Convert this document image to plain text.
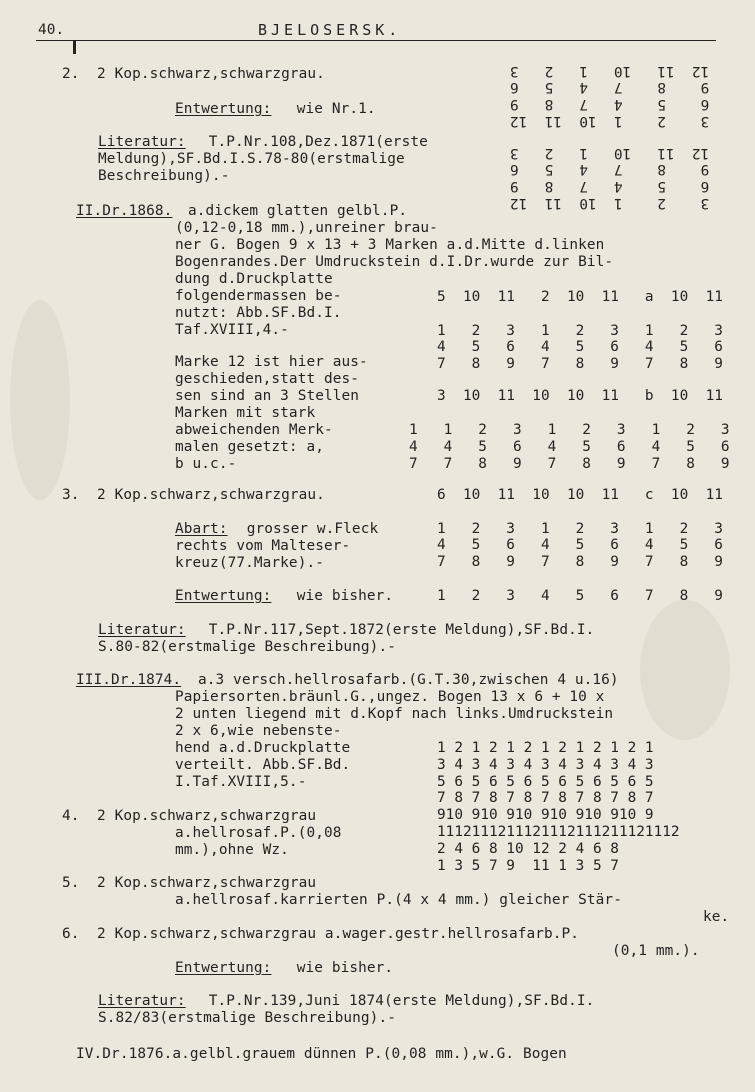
40.	BJELOSERSK.
2.  2 Kop.schwarz,schwarzgrau.
Entwertung: wie Nr.1.
Literatur: T.P.Nr.108,Dez.1871(erste
Meldung),SF.Bd.I.S.78-80(erstmalige
Beschreibung).-
II.Dr.1868. a.dickem glatten gelbl.P.
(0,12-0,18 mm.),unreiner brau-
ner G. Bogen 9 x 13 + 3 Marken a.d.Mitte d.linken
Bogenrandes.Der Umdruckstein d.I.Dr.wurde zur Bil-
dung d.Druckplatte
folgendermassen be-
nutzt: Abb.SF.Bd.I.
Taf.XVIII,4.-
Marke 12 ist hier aus-
geschieden,statt des-
sen sind an 3 Stellen
Marken mit stark
abweichenden Merk-
malen gesetzt: a,
b u.c.-
3.  2 Kop.schwarz,schwarzgrau.
Abart: grosser w.Fleck
rechts vom Malteser-
kreuz(77.Marke).-
Entwertung: wie bisher.
Literatur: T.P.Nr.117,Sept.1872(erste Meldung),SF.Bd.I.
S.80-82(erstmalige Beschreibung).-
III.Dr.1874. a.3 versch.hellrosafarb.(G.T.30,zwischen 4 u.16)
Papiersorten.bräunl.G.,ungez. Bogen 13 x 6 + 10 x
2 unten liegend mit d.Kopf nach links.Umdruckstein
2 x 6,wie nebenste-
hend a.d.Druckplatte
verteilt. Abb.SF.Bd.
I.Taf.XVIII,5.-
4.  2 Kop.schwarz,schwarzgrau
a.hellrosaf.P.(0,08
mm.),ohne Wz.
5.  2 Kop.schwarz,schwarzgrau
a.hellrosaf.karrierten P.(4 x 4 mm.) gleicher Stär-
ke.
6.  2 Kop.schwarz,schwarzgrau a.wager.gestr.hellrosafarb.P.
(0,1 mm.).
Entwertung: wie bisher.
Literatur: T.P.Nr.139,Juni 1874(erste Meldung),SF.Bd.I.
S.82/83(erstmalige Beschreibung).-
IV.Dr.1876.a.gelbl.grauem dünnen P.(0,08 mm.),w.G. Bogen
3    2    1  10  11  12
6    5    4   7   8   9
9    8    7   4   5   6
12  11   10   1   2   3
3    2    1  10  11  12
6    5    4   7   8   9
9    8    7   4   5   6
12  11   10   1   2   3
5  10  11   2  10  11   a  10  11
1   2   3   1   2   3   1   2   3
4   5   6   4   5   6   4   5   6
7   8   9   7   8   9   7   8   9
3  10  11  10  10  11   b  10  11
1   1   2   3   1   2   3   1   2   3
4   4   5   6   4   5   6   4   5   6
7   7   8   9   7   8   9   7   8   9
6  10  11  10  10  11   c  10  11
1   2   3   1   2   3   1   2   3
4   5   6   4   5   6   4   5   6
7   8   9   7   8   9   7   8   9
1   2   3   4   5   6   7   8   9
1 2 1 2 1 2 1 2 1 2 1 2 1
3 4 3 4 3 4 3 4 3 4 3 4 3
5 6 5 6 5 6 5 6 5 6 5 6 5
7 8 7 8 7 8 7 8 7 8 7 8 7
910 910 910 910 910 910 9
1112111211121112111211121112
2 4 6 8 10 12 2 4 6 8
1 3 5 7 9  11 1 3 5 7
